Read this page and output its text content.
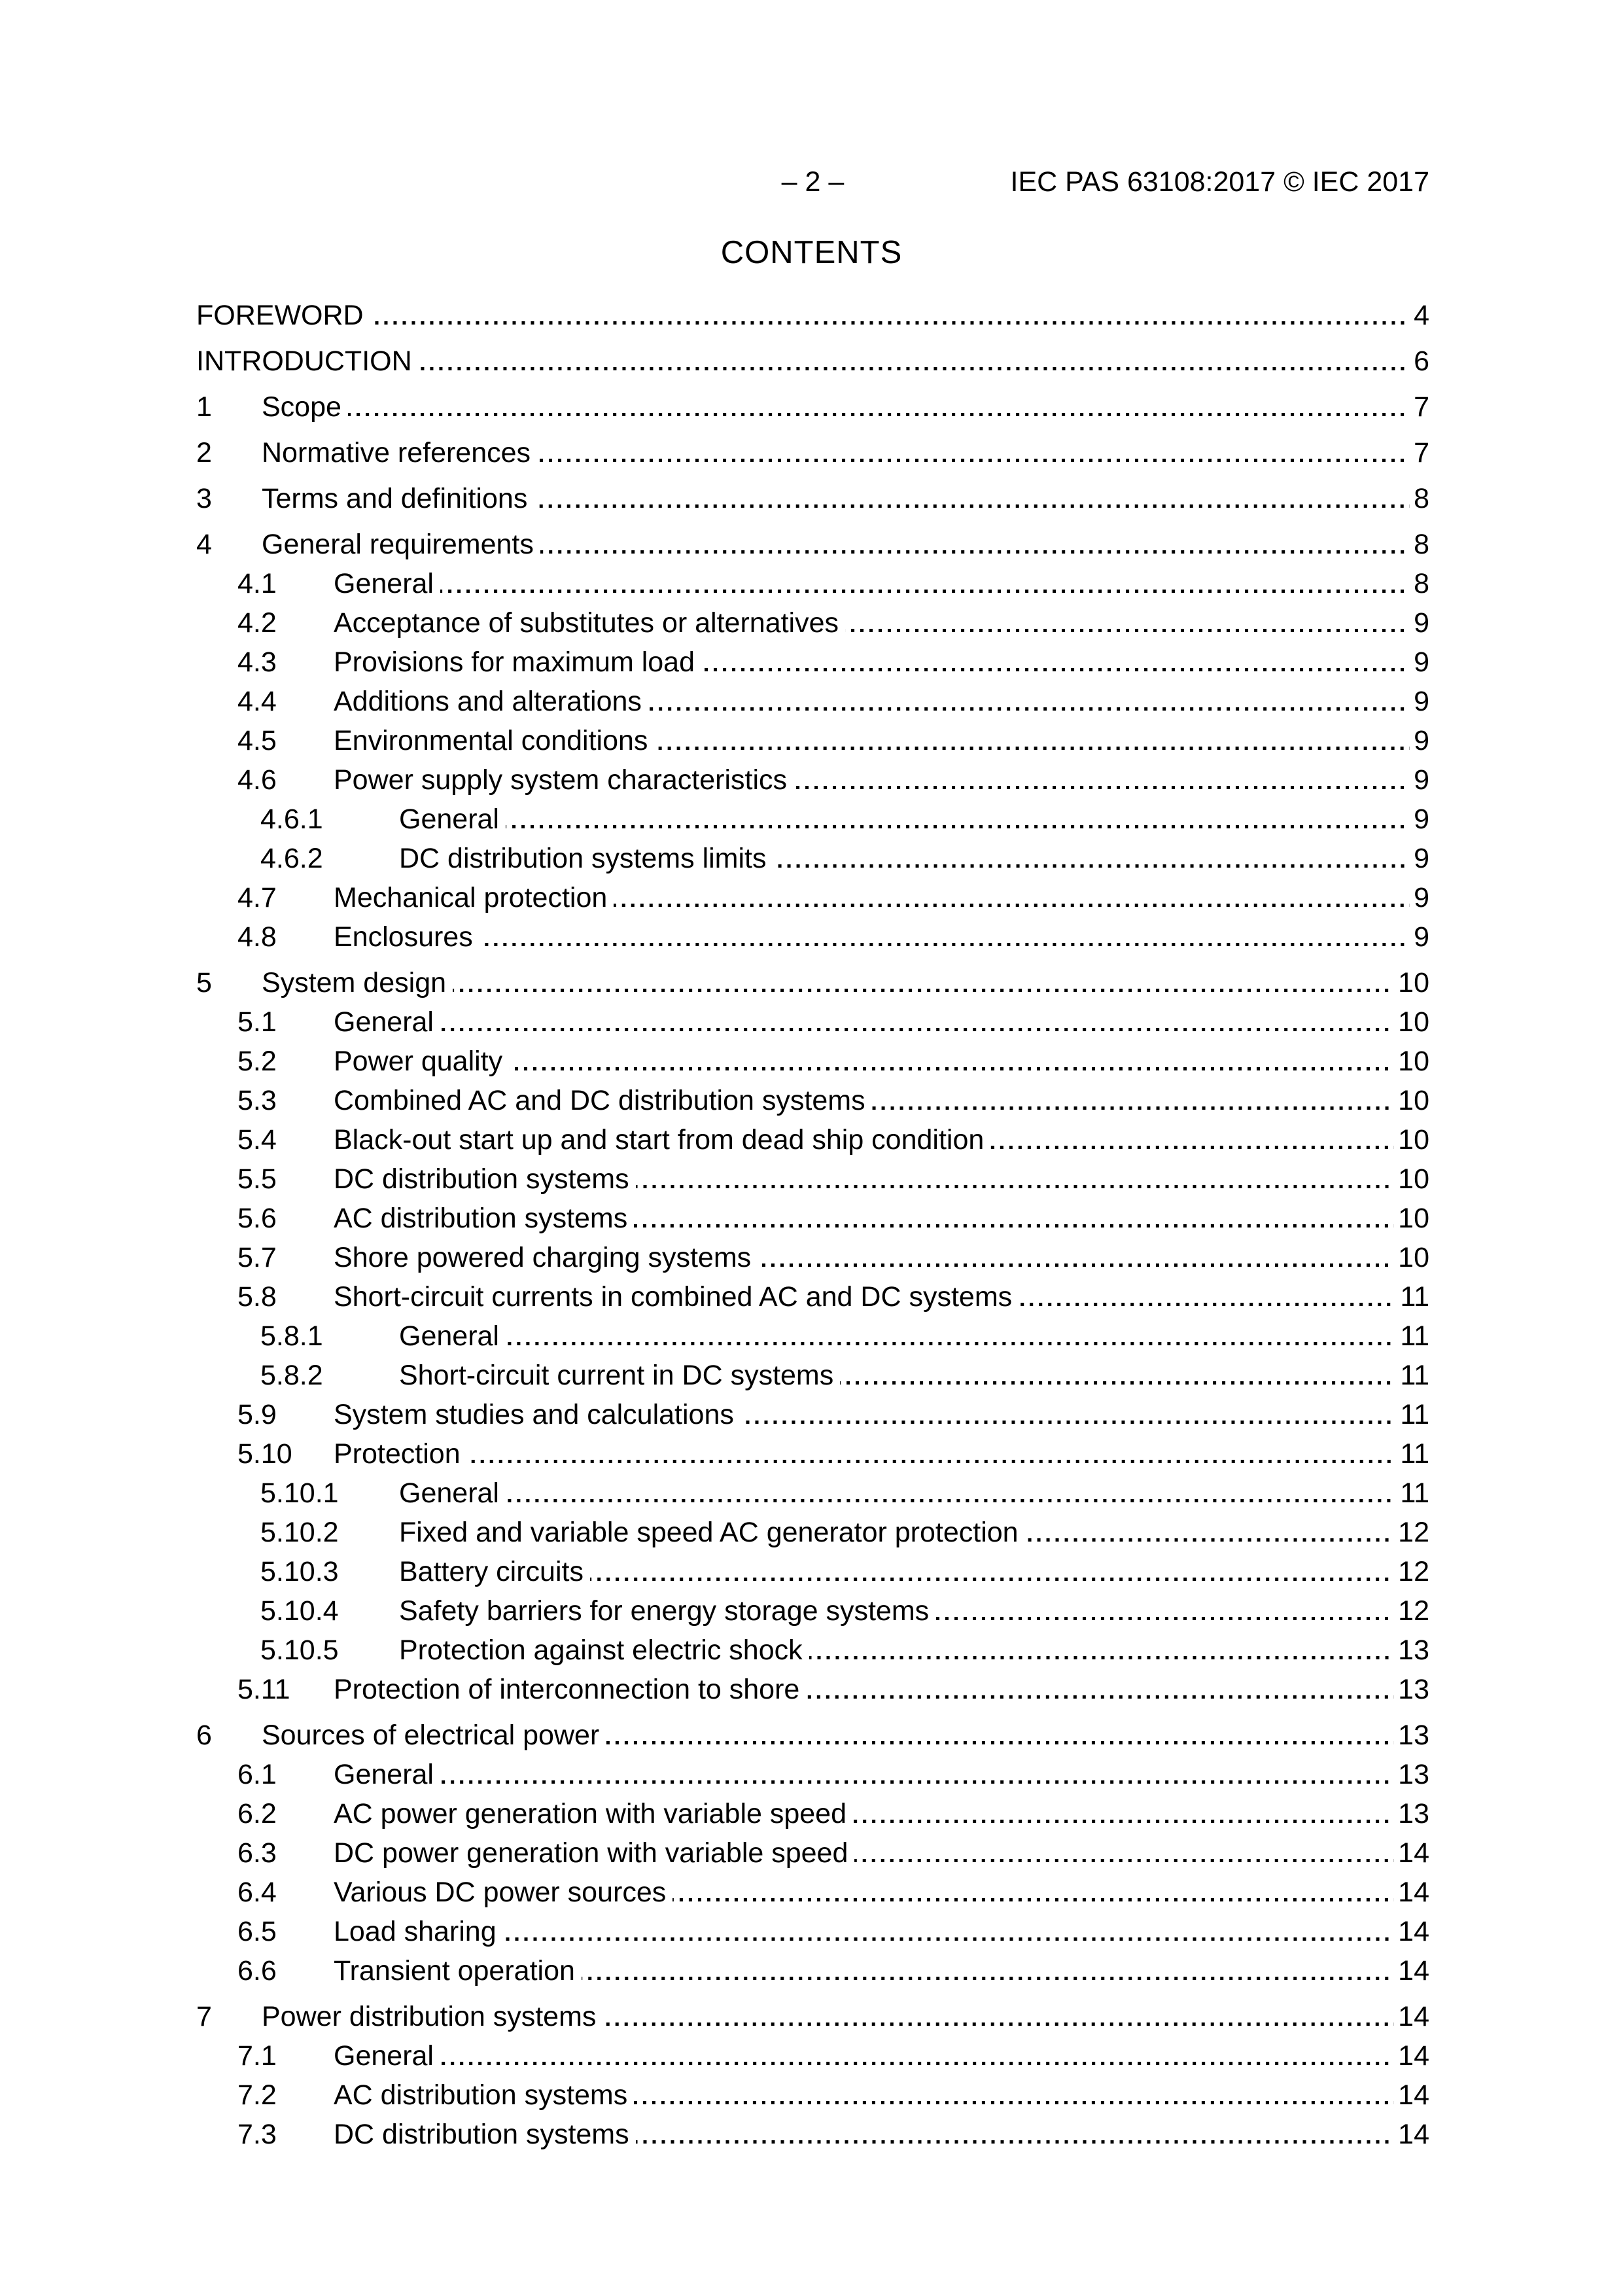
– 2 –	IEC PAS 63108:2017 © IEC 2017
CONTENTS
FOREWORD	4
INTRODUCTION	6
1	Scope	7
2	Normative references	7
3	Terms and definitions	8
4	General requirements	8
4.1	General	8
4.2	Acceptance of substitutes or alternatives	9
4.3	Provisions for maximum load	9
4.4	Additions and alterations	9
4.5	Environmental conditions	9
4.6	Power supply system characteristics	9
4.6.1	General	9
4.6.2	DC distribution systems limits	9
4.7	Mechanical protection	9
4.8	Enclosures	9
5	System design	10
5.1	General	10
5.2	Power quality	10
5.3	Combined AC and DC distribution systems	10
5.4	Black-out start up and start from dead ship condition	10
5.5	DC distribution systems	10
5.6	AC distribution systems	10
5.7	Shore powered charging systems	10
5.8	Short-circuit currents in combined AC and DC systems	11
5.8.1	General	11
5.8.2	Short-circuit current in DC systems	11
5.9	System studies and calculations	11
5.10	Protection	11
5.10.1	General	11
5.10.2	Fixed and variable speed AC generator protection	12
5.10.3	Battery circuits	12
5.10.4	Safety barriers for energy storage systems	12
5.10.5	Protection against electric shock	13
5.11	Protection of interconnection to shore	13
6	Sources of electrical power	13
6.1	General	13
6.2	AC power generation with variable speed	13
6.3	DC power generation with variable speed	14
6.4	Various DC power sources	14
6.5	Load sharing	14
6.6	Transient operation	14
7	Power distribution systems	14
7.1	General	14
7.2	AC distribution systems	14
7.3	DC distribution systems	14
